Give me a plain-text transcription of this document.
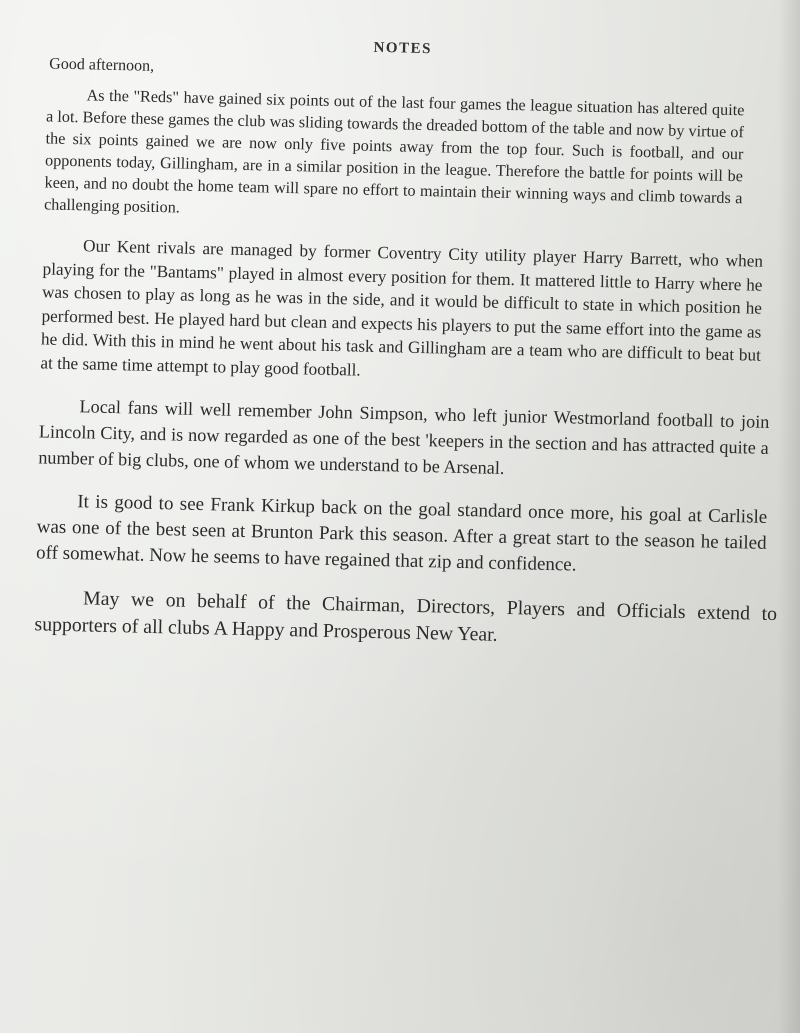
NOTES
Good afternoon,

As the "Reds" have gained six points out of the last four games the league situation has altered quite a lot. Before these games the club was sliding towards the dreaded bottom of the table and now by virtue of the six points gained we are now only five points away from the top four. Such is football, and our opponents today, Gillingham, are in a similar position in the league. Therefore the battle for points will be keen, and no doubt the home team will spare no effort to maintain their winning ways and climb towards a challenging position.

Our Kent rivals are managed by former Coventry City utility player Harry Barrett, who when playing for the "Bantams" played in almost every position for them. It mattered little to Harry where he was chosen to play as long as he was in the side, and it would be difficult to state in which position he performed best. He played hard but clean and expects his players to put the same effort into the game as he did. With this in mind he went about his task and Gillingham are a team who are difficult to beat but at the same time attempt to play good football.

Local fans will well remember John Simpson, who left junior Westmorland football to join Lincoln City, and is now regarded as one of the best 'keepers in the section and has attracted quite a number of big clubs, one of whom we understand to be Arsenal.

It is good to see Frank Kirkup back on the goal standard once more, his goal at Carlisle was one of the best seen at Brunton Park this season. After a great start to the season he tailed off somewhat. Now he seems to have regained that zip and confidence.

May we on behalf of the Chairman, Directors, Players and Officials extend to supporters of all clubs A Happy and Prosperous New Year.
